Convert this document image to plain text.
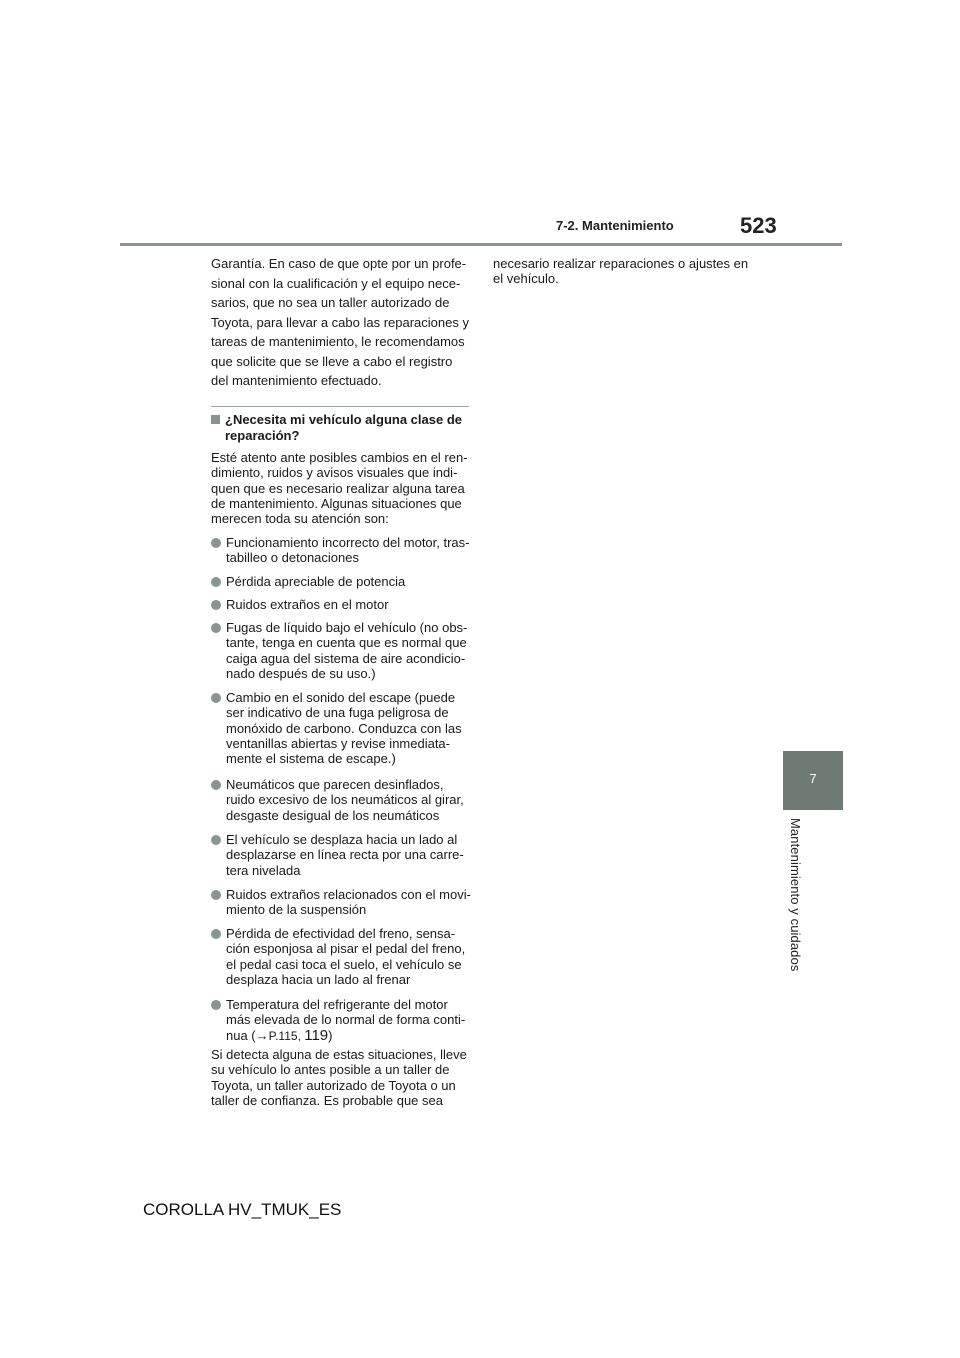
7-2. Mantenimiento	523
7
Mantenimiento y cuidados

Garantía. En caso de que opte por un profe-

sional con la cualificación y el equipo nece-

sarios, que no sea un taller autorizado de

Toyota, para llevar a cabo las reparaciones y

tareas de mantenimiento, le recomendamos

que solicite que se lleve a cabo el registro

del mantenimiento efectuado.

¿Necesita mi vehículo alguna clase de
reparación?
Esté atento ante posibles cambios en el ren-
dimiento, ruidos y avisos visuales que indi-
quen que es necesario realizar alguna tarea
de mantenimiento. Algunas situaciones que
merecen toda su atención son:
Funcionamiento incorrecto del motor, tras-
tabilleo o detonaciones
Pérdida apreciable de potencia
Ruidos extraños en el motor
Fugas de líquido bajo el vehículo (no obs-
tante, tenga en cuenta que es normal que
caiga agua del sistema de aire acondicio-
nado después de su uso.)
Cambio en el sonido del escape (puede
ser indicativo de una fuga peligrosa de
monóxido de carbono. Conduzca con las
ventanillas abiertas y revise inmediata-
mente el sistema de escape.)
Neumáticos que parecen desinflados,
ruido excesivo de los neumáticos al girar,
desgaste desigual de los neumáticos
El vehículo se desplaza hacia un lado al
desplazarse en línea recta por una carre-
tera nivelada
Ruidos extraños relacionados con el movi-
miento de la suspensión
Pérdida de efectividad del freno, sensa-
ción esponjosa al pisar el pedal del freno,
el pedal casi toca el suelo, el vehículo se
desplaza hacia un lado al frenar
Temperatura del refrigerante del motor
más elevada de lo normal de forma conti-
nua (→P.115, 119)
Si detecta alguna de estas situaciones, lleve
su vehículo lo antes posible a un taller de
Toyota, un taller autorizado de Toyota o un
taller de confianza. Es probable que sea
necesario realizar reparaciones o ajustes en
el vehículo.
COROLLA HV_TMUK_ES
